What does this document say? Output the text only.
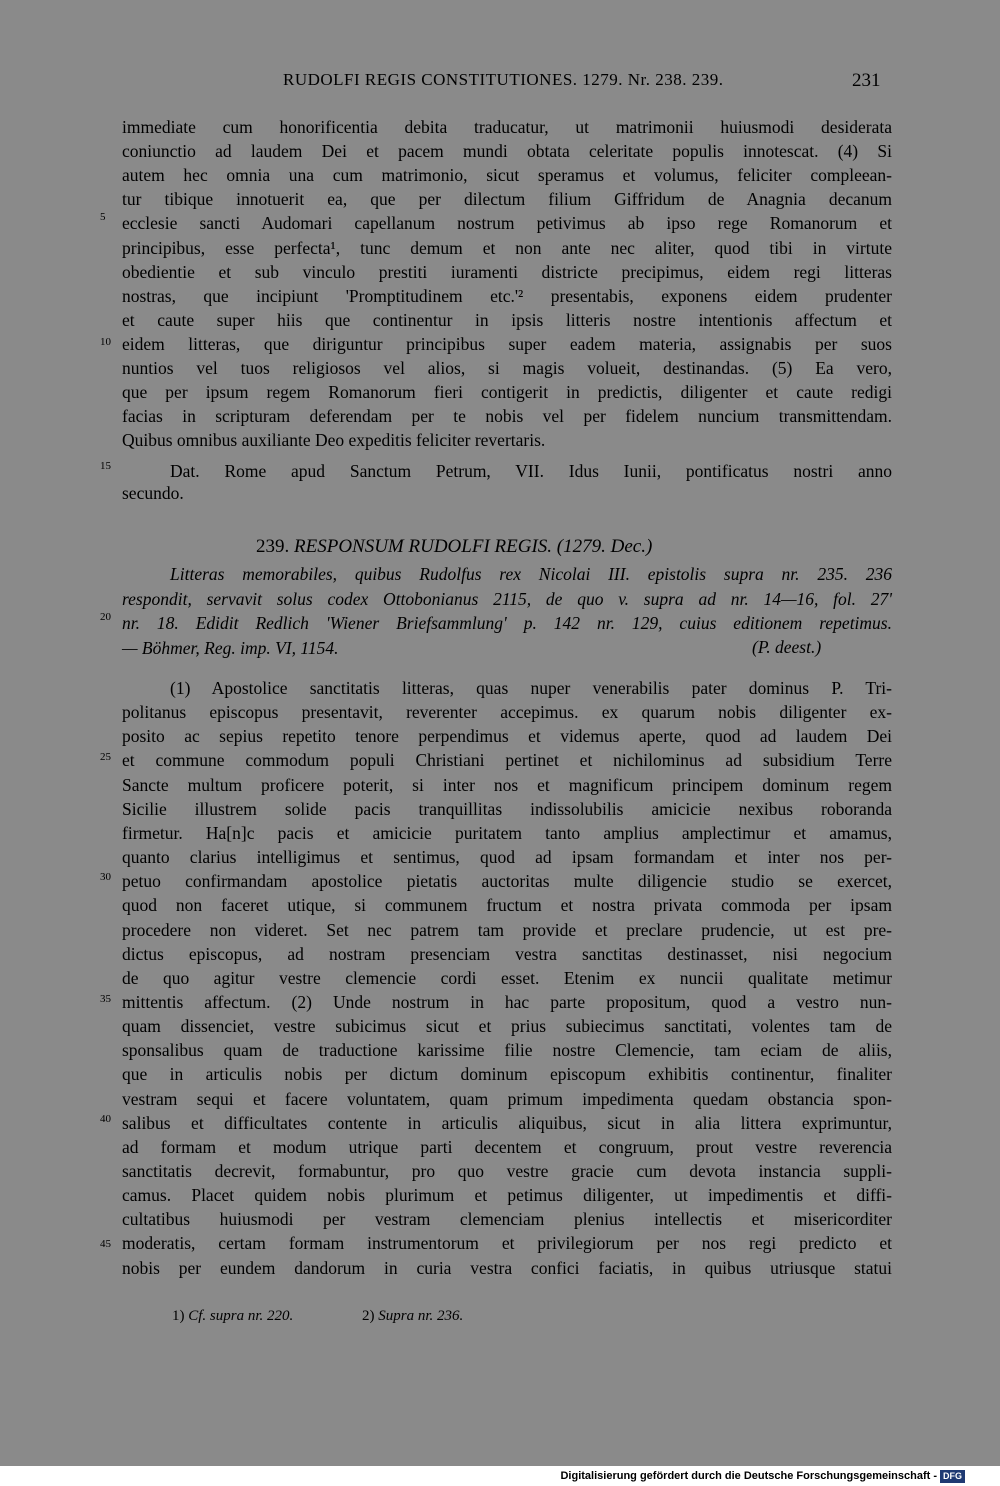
RUDOLFI REGIS CONSTITUTIONES. 1279. Nr. 238. 239.	231
immediate cum honorificentia debita traducatur, ut matrimonii huiusmodi desiderata
coniunctio ad laudem Dei et pacem mundi obtata celeritate populis innotescat. (4) Si
autem hec omnia una cum matrimonio, sicut speramus et volumus, feliciter compleean-
tur tibique innotuerit ea, que per dilectum filium Giffridum de Anagnia decanum
ecclesie sancti Audomari capellanum nostrum petivimus ab ipso rege Romanorum et
principibus, esse perfecta¹, tunc demum et non ante nec aliter, quod tibi in virtute
obedientie et sub vinculo prestiti iuramenti districte precipimus, eidem regi litteras
nostras, que incipiunt 'Promptitudinem etc.'² presentabis, exponens eidem prudenter
et caute super hiis que continentur in ipsis litteris nostre intentionis affectum et
eidem litteras, que diriguntur principibus super eadem materia, assignabis per suos
nuntios vel tuos religiosos vel alios, si magis volueit, destinandas. (5) Ea vero,
que per ipsum regem Romanorum fieri contigerit in predictis, diligenter et caute redigi
facias in scripturam deferendam per te nobis vel per fidelem nuncium transmittendam.
Quibus omnibus auxiliante Deo expeditis feliciter revertaris.
Dat. Rome apud Sanctum Petrum, VII. Idus Iunii, pontificatus nostri anno
secundo.
239. RESPONSUM RUDOLFI REGIS. (1279. Dec.)
Litteras memorabiles, quibus Rudolfus rex Nicolai III. epistolis supra nr. 235. 236
respondit, servavit solus codex Ottobonianus 2115, de quo v. supra ad nr. 14—16, fol. 27'
nr. 18. Edidit Redlich 'Wiener Briefsammlung' p. 142 nr. 129, cuius editionem repetimus.
— Böhmer, Reg. imp. VI, 1154.	(P. deest.)
(1) Apostolice sanctitatis litteras, quas nuper venerabilis pater dominus P. Tri-
politanus episcopus presentavit, reverenter accepimus. ex quarum nobis diligenter ex-
posito ac sepius repetito tenore perpendimus et videmus aperte, quod ad laudem Dei
et commune commodum populi Christiani pertinet et nichilominus ad subsidium Terre
Sancte multum proficere poterit, si inter nos et magnificum principem dominum regem
Sicilie illustrem solide pacis tranquillitas indissolubilis amicicie nexibus roboranda
firmetur. Ha[n]c pacis et amicicie puritatem tanto amplius amplectimur et amamus,
quanto clarius intelligimus et sentimus, quod ad ipsam formandam et inter nos per-
petuo confirmandam apostolice pietatis auctoritas multe diligencie studio se exercet,
quod non faceret utique, si communem fructum et nostra privata commoda per ipsam
procedere non videret. Set nec patrem tam provide et preclare prudencie, ut est pre-
dictus episcopus, ad nostram presenciam vestra sanctitas destinasset, nisi negocium
de quo agitur vestre clemencie cordi esset. Etenim ex nuncii qualitate metimur
mittentis affectum. (2) Unde nostrum in hac parte propositum, quod a vestro nun-
quam dissenciet, vestre subicimus sicut et prius subiecimus sanctitati, volentes tam de
sponsalibus quam de traductione karissime filie nostre Clemencie, tam eciam de aliis,
que in articulis nobis per dictum dominum episcopum exhibitis continentur, finaliter
vestram sequi et facere voluntatem, quam primum impedimenta quedam obstancia spon-
salibus et difficultates contente in articulis aliquibus, sicut in alia littera exprimuntur,
ad formam et modum utrique parti decentem et congruum, prout vestre reverencia
sanctitatis decrevit, formabuntur, pro quo vestre gracie cum devota instancia suppli-
camus. Placet quidem nobis plurimum et petimus diligenter, ut impedimentis et diffi-
cultatibus huiusmodi per vestram clemenciam plenius intellectis et misericorditer
moderatis, certam formam instrumentorum et privilegiorum per nos regi predicto et
nobis per eundem dandorum in curia vestra confici faciatis, in quibus utriusque statui
5
10
15
20
25
30
35
40
45
1) Cf. supra nr. 220.	2) Supra nr. 236.
Digitalisierung gefördert durch die Deutsche Forschungsgemeinschaft - DFG
